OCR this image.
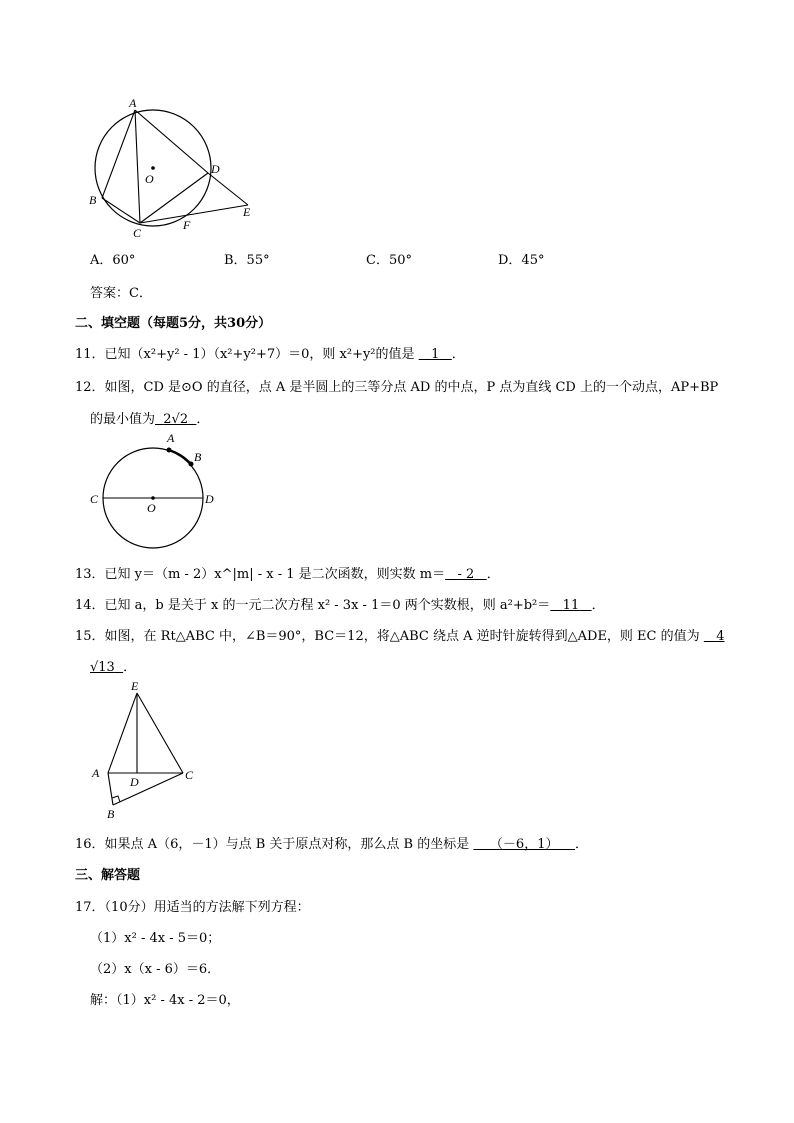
A
O
D
B
E
F
C
A．60°	B．55°	C．50°	D．45°
答案：C．
二、填空题（每题5分，共30分）
11．已知（x²+y² - 1）（x²+y²+7）＝0，则 x²+y²的值是 1 ．
12．如图，CD 是⊙O 的直径，点 A 是半圆上的三等分点 AD 的中点，P 点为直线 CD 上的一个动点，AP+BP
的最小值为 2√2 ．
A
B
C	D
O
13．已知 y＝（m - 2）x^|m| - x - 1 是二次函数，则实数 m＝ - 2 ．
14．已知 a，b 是关于 x 的一元二次方程 x² - 3x - 1＝0 两个实数根，则 a²+b²＝ 11 ．
15．如图，在 Rt△ABC 中，∠B＝90°，BC＝12，将△ABC 绕点 A 逆时针旋转得到△ADE，则 EC 的值为 4
√13 ．
E
A
D	C
B
16．如果点 A（6，－1）与点 B 关于原点对称，那么点 B 的坐标是 （－6，1） ．
三、解答题
17．（10分）用适当的方法解下列方程：
（1）x² - 4x - 5＝0；
（2）x（x - 6）＝6．
解：（1）x² - 4x - 2＝0，
